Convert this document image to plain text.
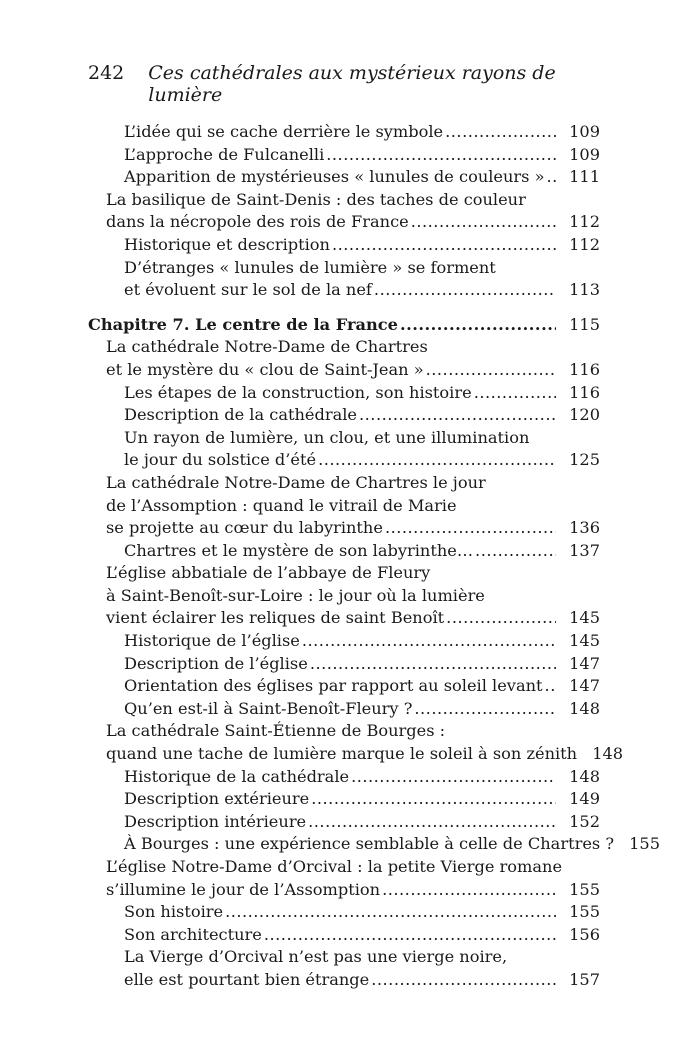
242 Ces cathédrales aux mystérieux rayons de lumière
L’idée qui se cache derrière le symbole .....	109
L’approche de Fulcanelli .....	109
Apparition de mystérieuses « lunules de couleurs » .....	111
La basilique de Saint-Denis : des taches de couleur
dans la nécropole des rois de France .....	112
Historique et description .....	112
D’étranges « lunules de lumière » se forment
et évoluent sur le sol de la nef .....	113
Chapitre 7. Le centre de la France .....	115
La cathédrale Notre-Dame de Chartres
et le mystère du « clou de Saint-Jean » .....	116
Les étapes de la construction, son histoire .....	116
Description de la cathédrale .....	120
Un rayon de lumière, un clou, et une illumination
le jour du solstice d’été .....	125
La cathédrale Notre-Dame de Chartres le jour
de l’Assomption : quand le vitrail de Marie
se projette au cœur du labyrinthe .....	136
Chartres et le mystère de son labyrinthe… .....	137
L’église abbatiale de l’abbaye de Fleury
à Saint-Benoît-sur-Loire : le jour où la lumière
vient éclairer les reliques de saint Benoît .....	145
Historique de l’église .....	145
Description de l’église .....	147
Orientation des églises par rapport au soleil levant .....	147
Qu’en est-il à Saint-Benoît-Fleury ? .....	148
La cathédrale Saint-Étienne de Bourges :
quand une tache de lumière marque le soleil à son zénith 148
Historique de la cathédrale .....	148
Description extérieure .....	149
Description intérieure .....	152
À Bourges : une expérience semblable à celle de Chartres ? 155
L’église Notre-Dame d’Orcival : la petite Vierge romane
s’illumine le jour de l’Assomption .....	155
Son histoire .....	155
Son architecture .....	156
La Vierge d’Orcival n’est pas une vierge noire,
elle est pourtant bien étrange .....	157
